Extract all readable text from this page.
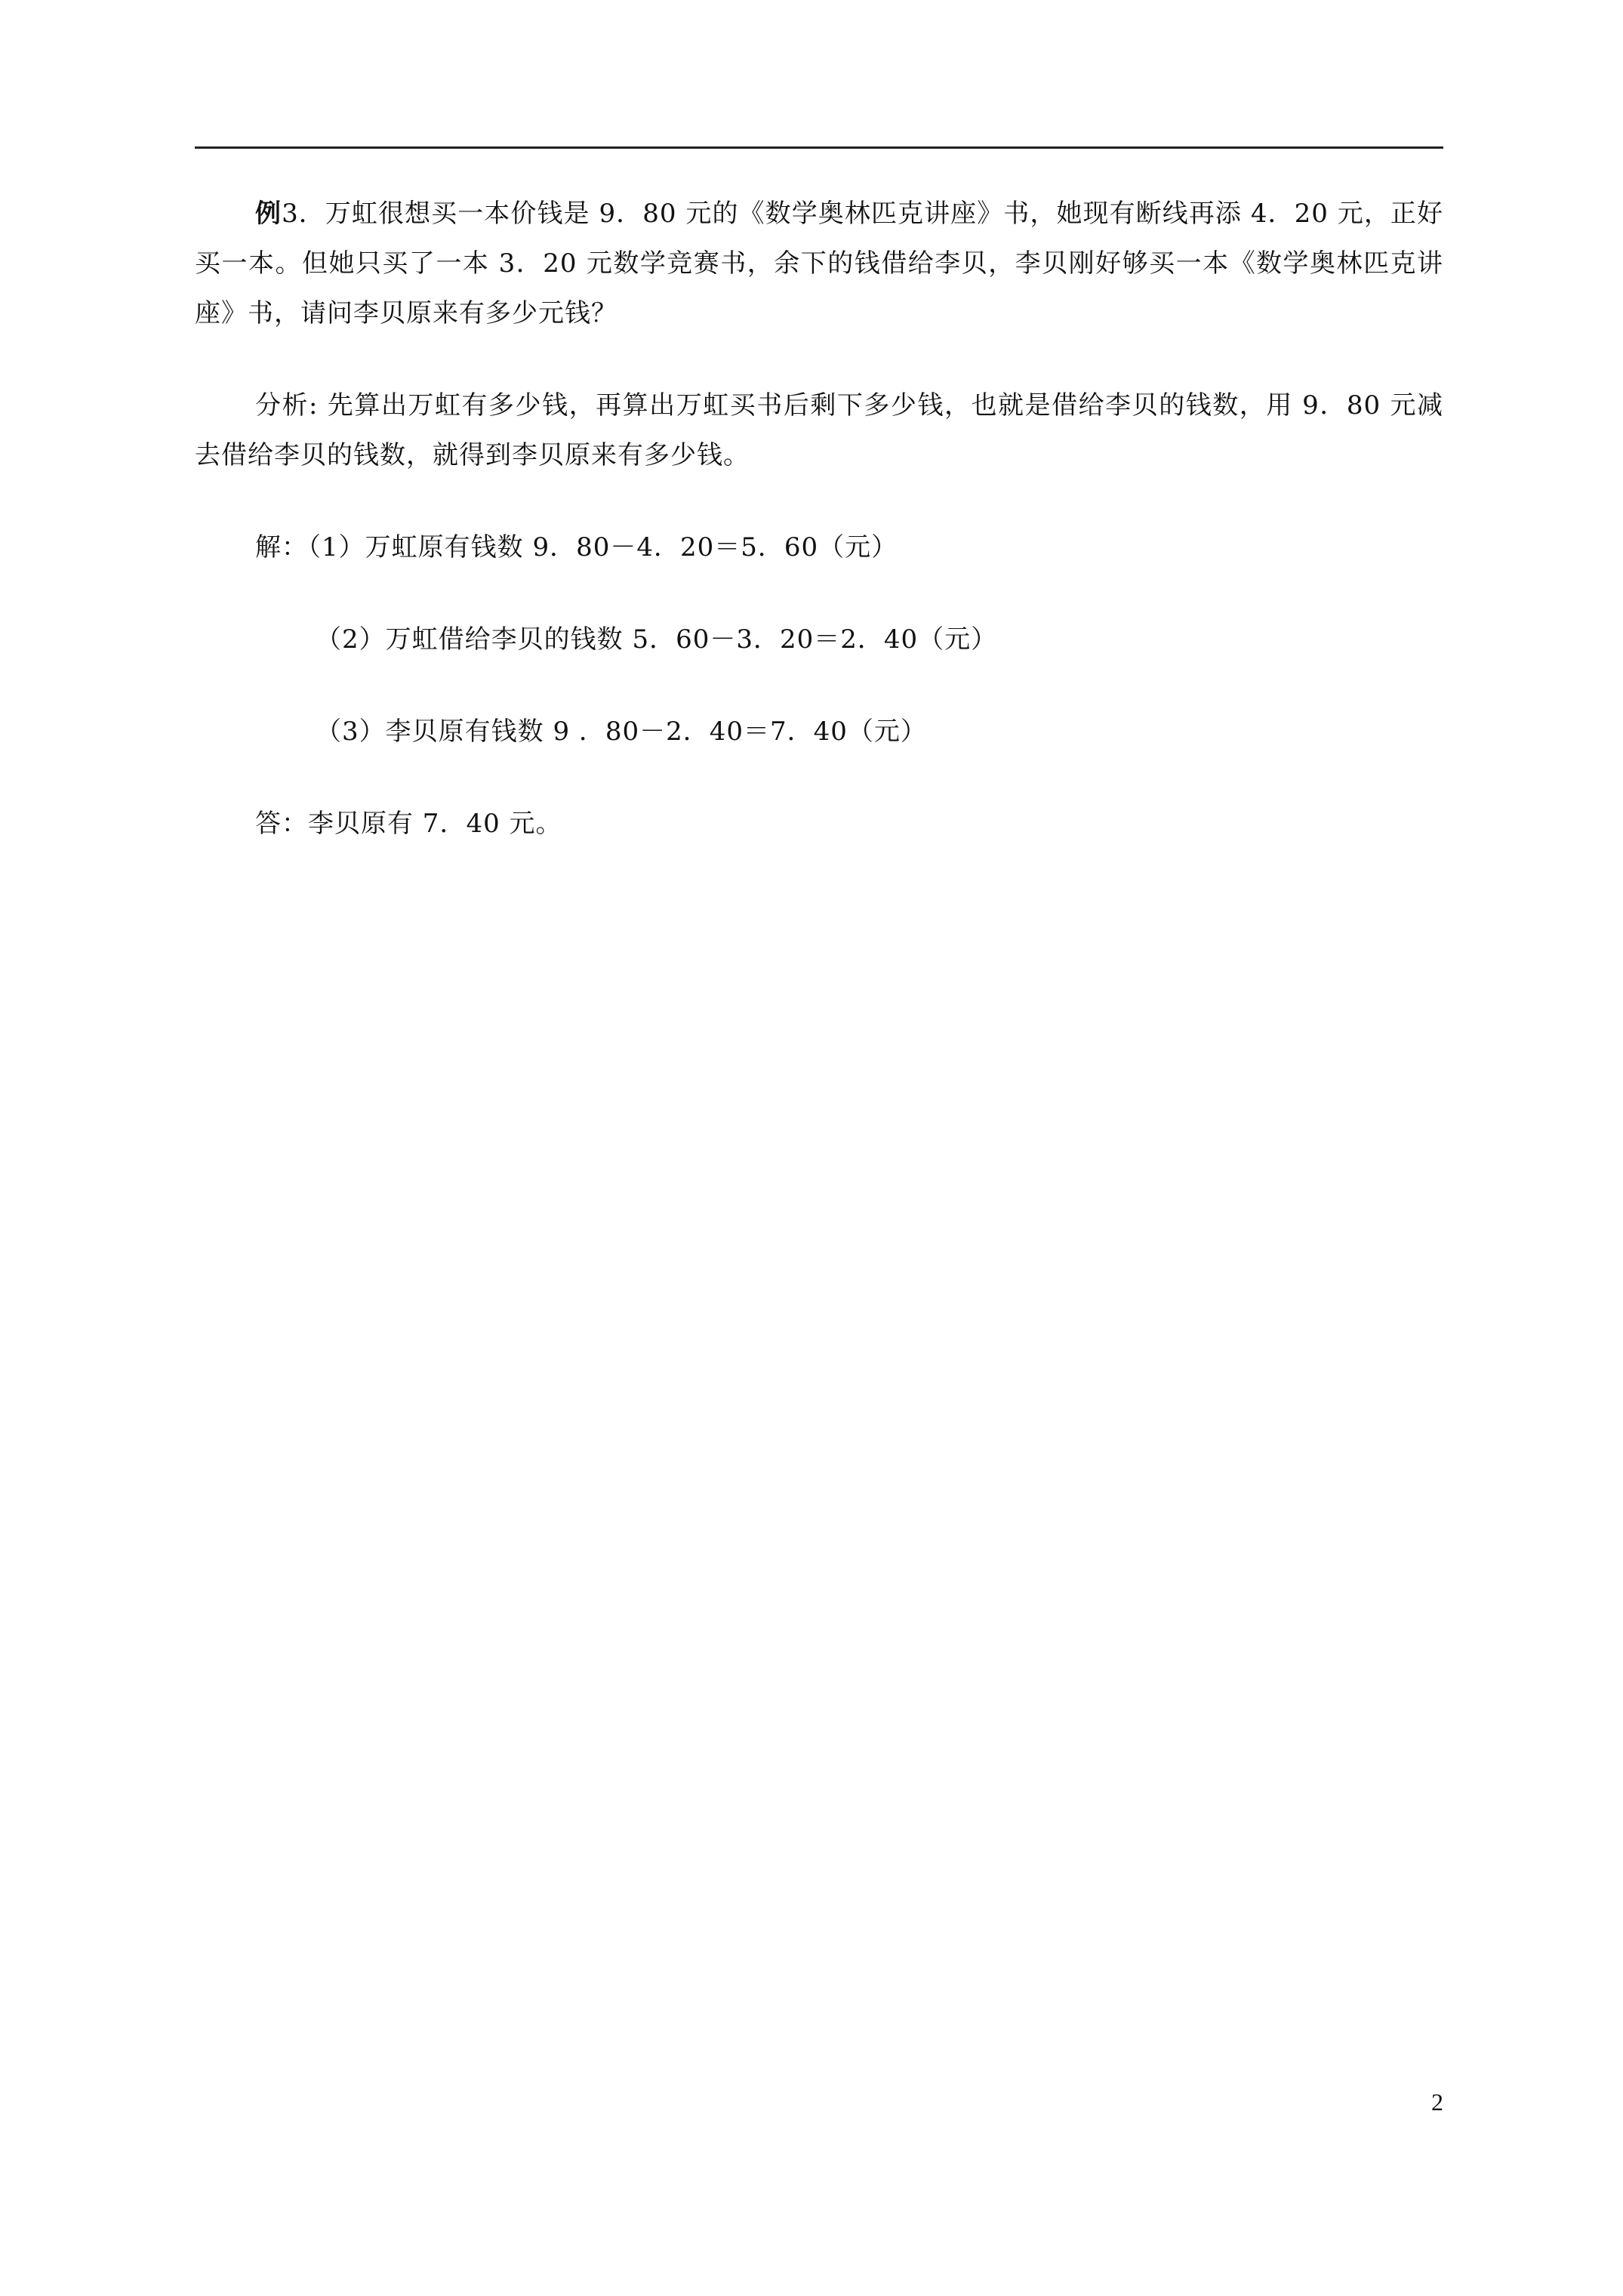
例3．万虹很想买一本价钱是 9．80 元的《数学奥林匹克讲座》书，她现有断线再添 4．20 元，正好买一本。但她只买了一本 3．20 元数学竞赛书，余下的钱借给李贝，李贝刚好够买一本《数学奥林匹克讲座》书，请问李贝原来有多少元钱？

分析: 先算出万虹有多少钱，再算出万虹买书后剩下多少钱，也就是借给李贝的钱数，用 9．80 元减去借给李贝的钱数，就得到李贝原来有多少钱。

解：（1）万虹原有钱数 9．80－4．20＝5．60（元）

（2）万虹借给李贝的钱数 5．60－3．20＝2．40（元）

（3）李贝原有钱数 9 ．80－2．40＝7．40（元）

答：李贝原有 7．40 元。

2
